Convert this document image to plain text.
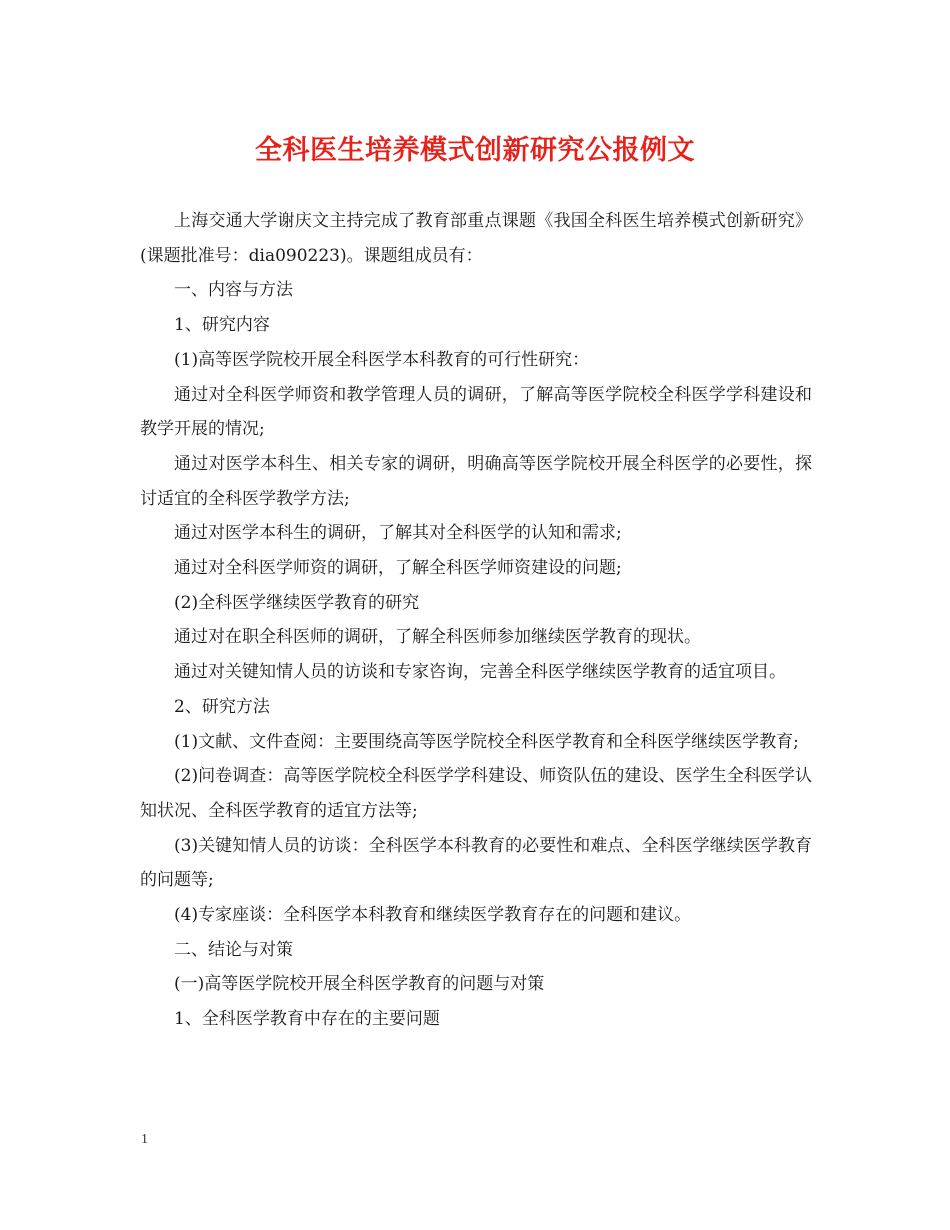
全科医生培养模式创新研究公报例文

上海交通大学谢庆文主持完成了教育部重点课题《我国全科医生培养模式创新研究》(课题批准号：dia090223)。课题组成员有：

一、内容与方法

1、研究内容

(1)高等医学院校开展全科医学本科教育的可行性研究：

通过对全科医学师资和教学管理人员的调研，了解高等医学院校全科医学学科建设和教学开展的情况;

通过对医学本科生、相关专家的调研，明确高等医学院校开展全科医学的必要性，探讨适宜的全科医学教学方法;

通过对医学本科生的调研，了解其对全科医学的认知和需求;

通过对全科医学师资的调研，了解全科医学师资建设的问题;

(2)全科医学继续医学教育的研究

通过对在职全科医师的调研，了解全科医师参加继续医学教育的现状。

通过对关键知情人员的访谈和专家咨询，完善全科医学继续医学教育的适宜项目。

2、研究方法

(1)文献、文件查阅：主要围绕高等医学院校全科医学教育和全科医学继续医学教育;

(2)问卷调查：高等医学院校全科医学学科建设、师资队伍的建设、医学生全科医学认知状况、全科医学教育的适宜方法等;

(3)关键知情人员的访谈：全科医学本科教育的必要性和难点、全科医学继续医学教育的问题等;

(4)专家座谈：全科医学本科教育和继续医学教育存在的问题和建议。

二、结论与对策

(一)高等医学院校开展全科医学教育的问题与对策

1、全科医学教育中存在的主要问题

1
